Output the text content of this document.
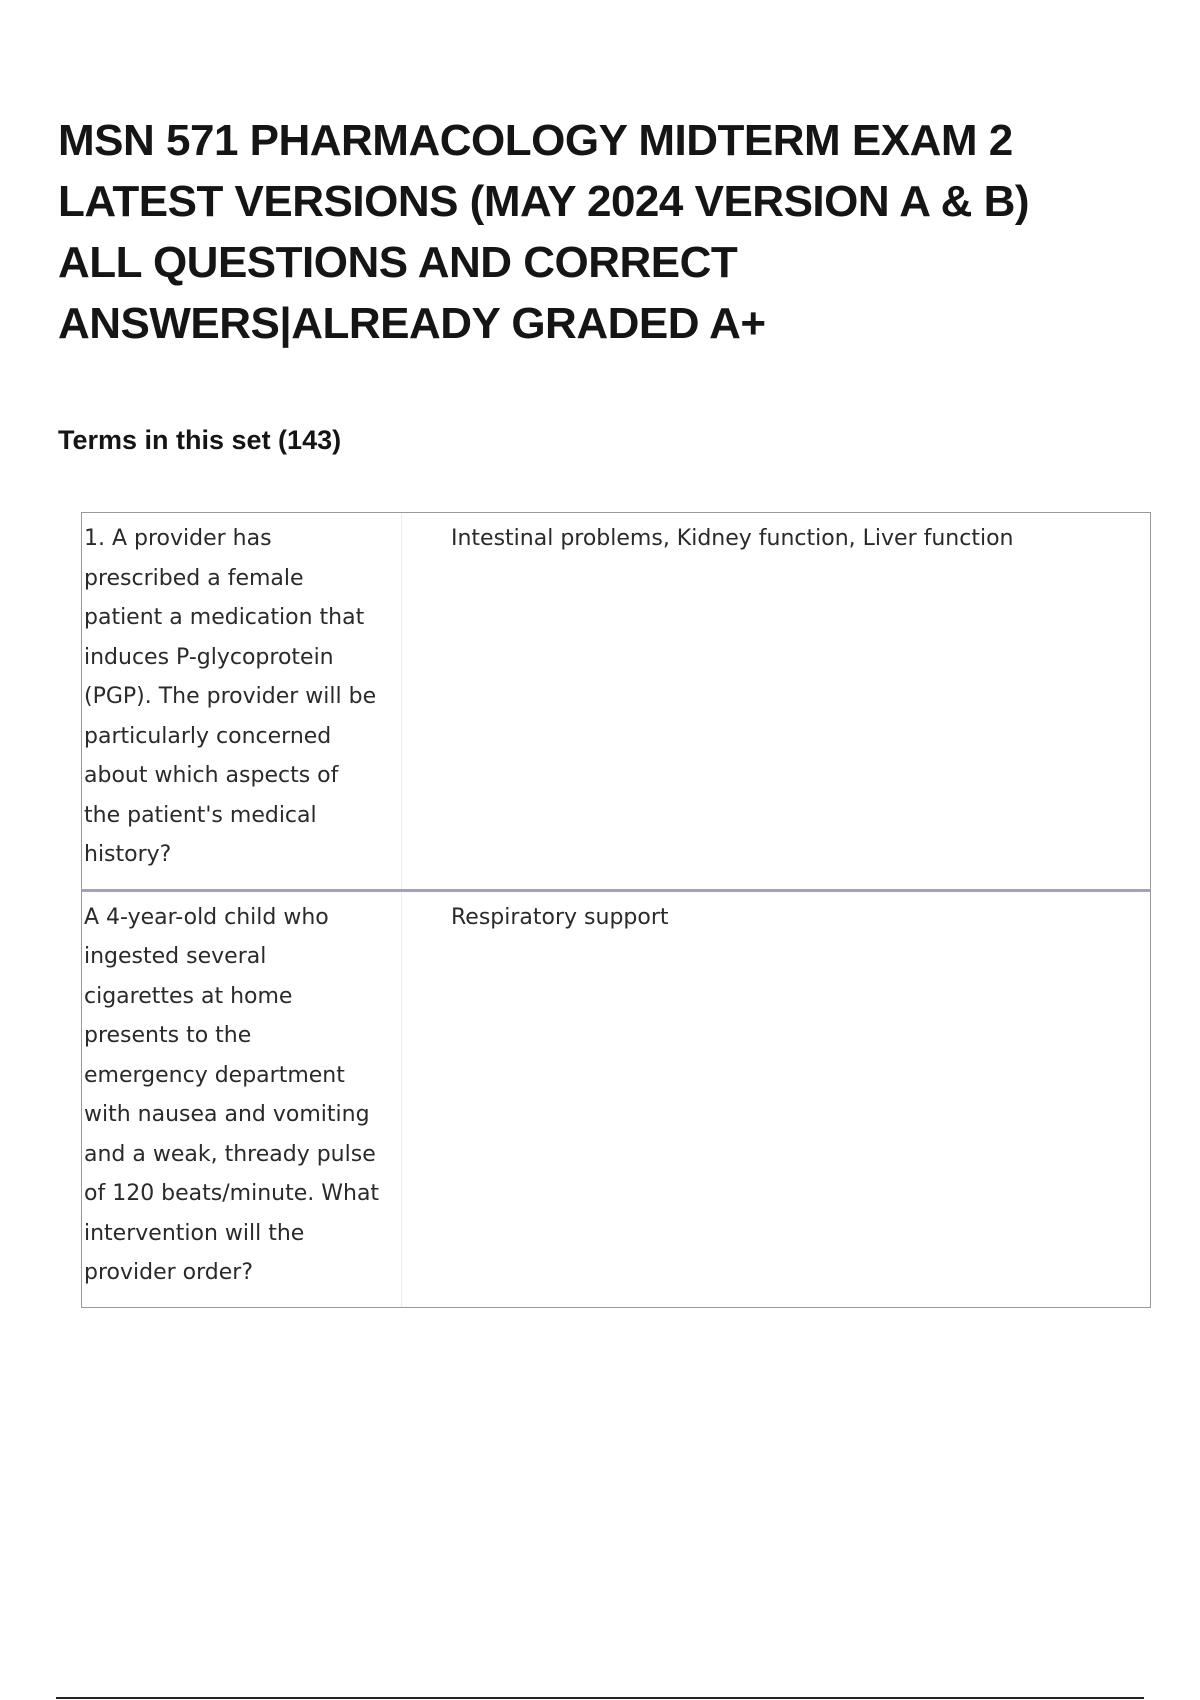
MSN 571 PHARMACOLOGY MIDTERM EXAM 2
LATEST VERSIONS (MAY 2024 VERSION A & B)
ALL QUESTIONS AND CORRECT
ANSWERS|ALREADY GRADED A+
Terms in this set (143)
1. A provider has
prescribed a female
patient a medication that
induces P-glycoprotein
(PGP). The provider will be
particularly concerned
about which aspects of
the patient's medical
history?
Intestinal problems, Kidney function, Liver function
A 4-year-old child who
ingested several
cigarettes at home
presents to the
emergency department
with nausea and vomiting
and a weak, thready pulse
of 120 beats/minute. What
intervention will the
provider order?
Respiratory support
